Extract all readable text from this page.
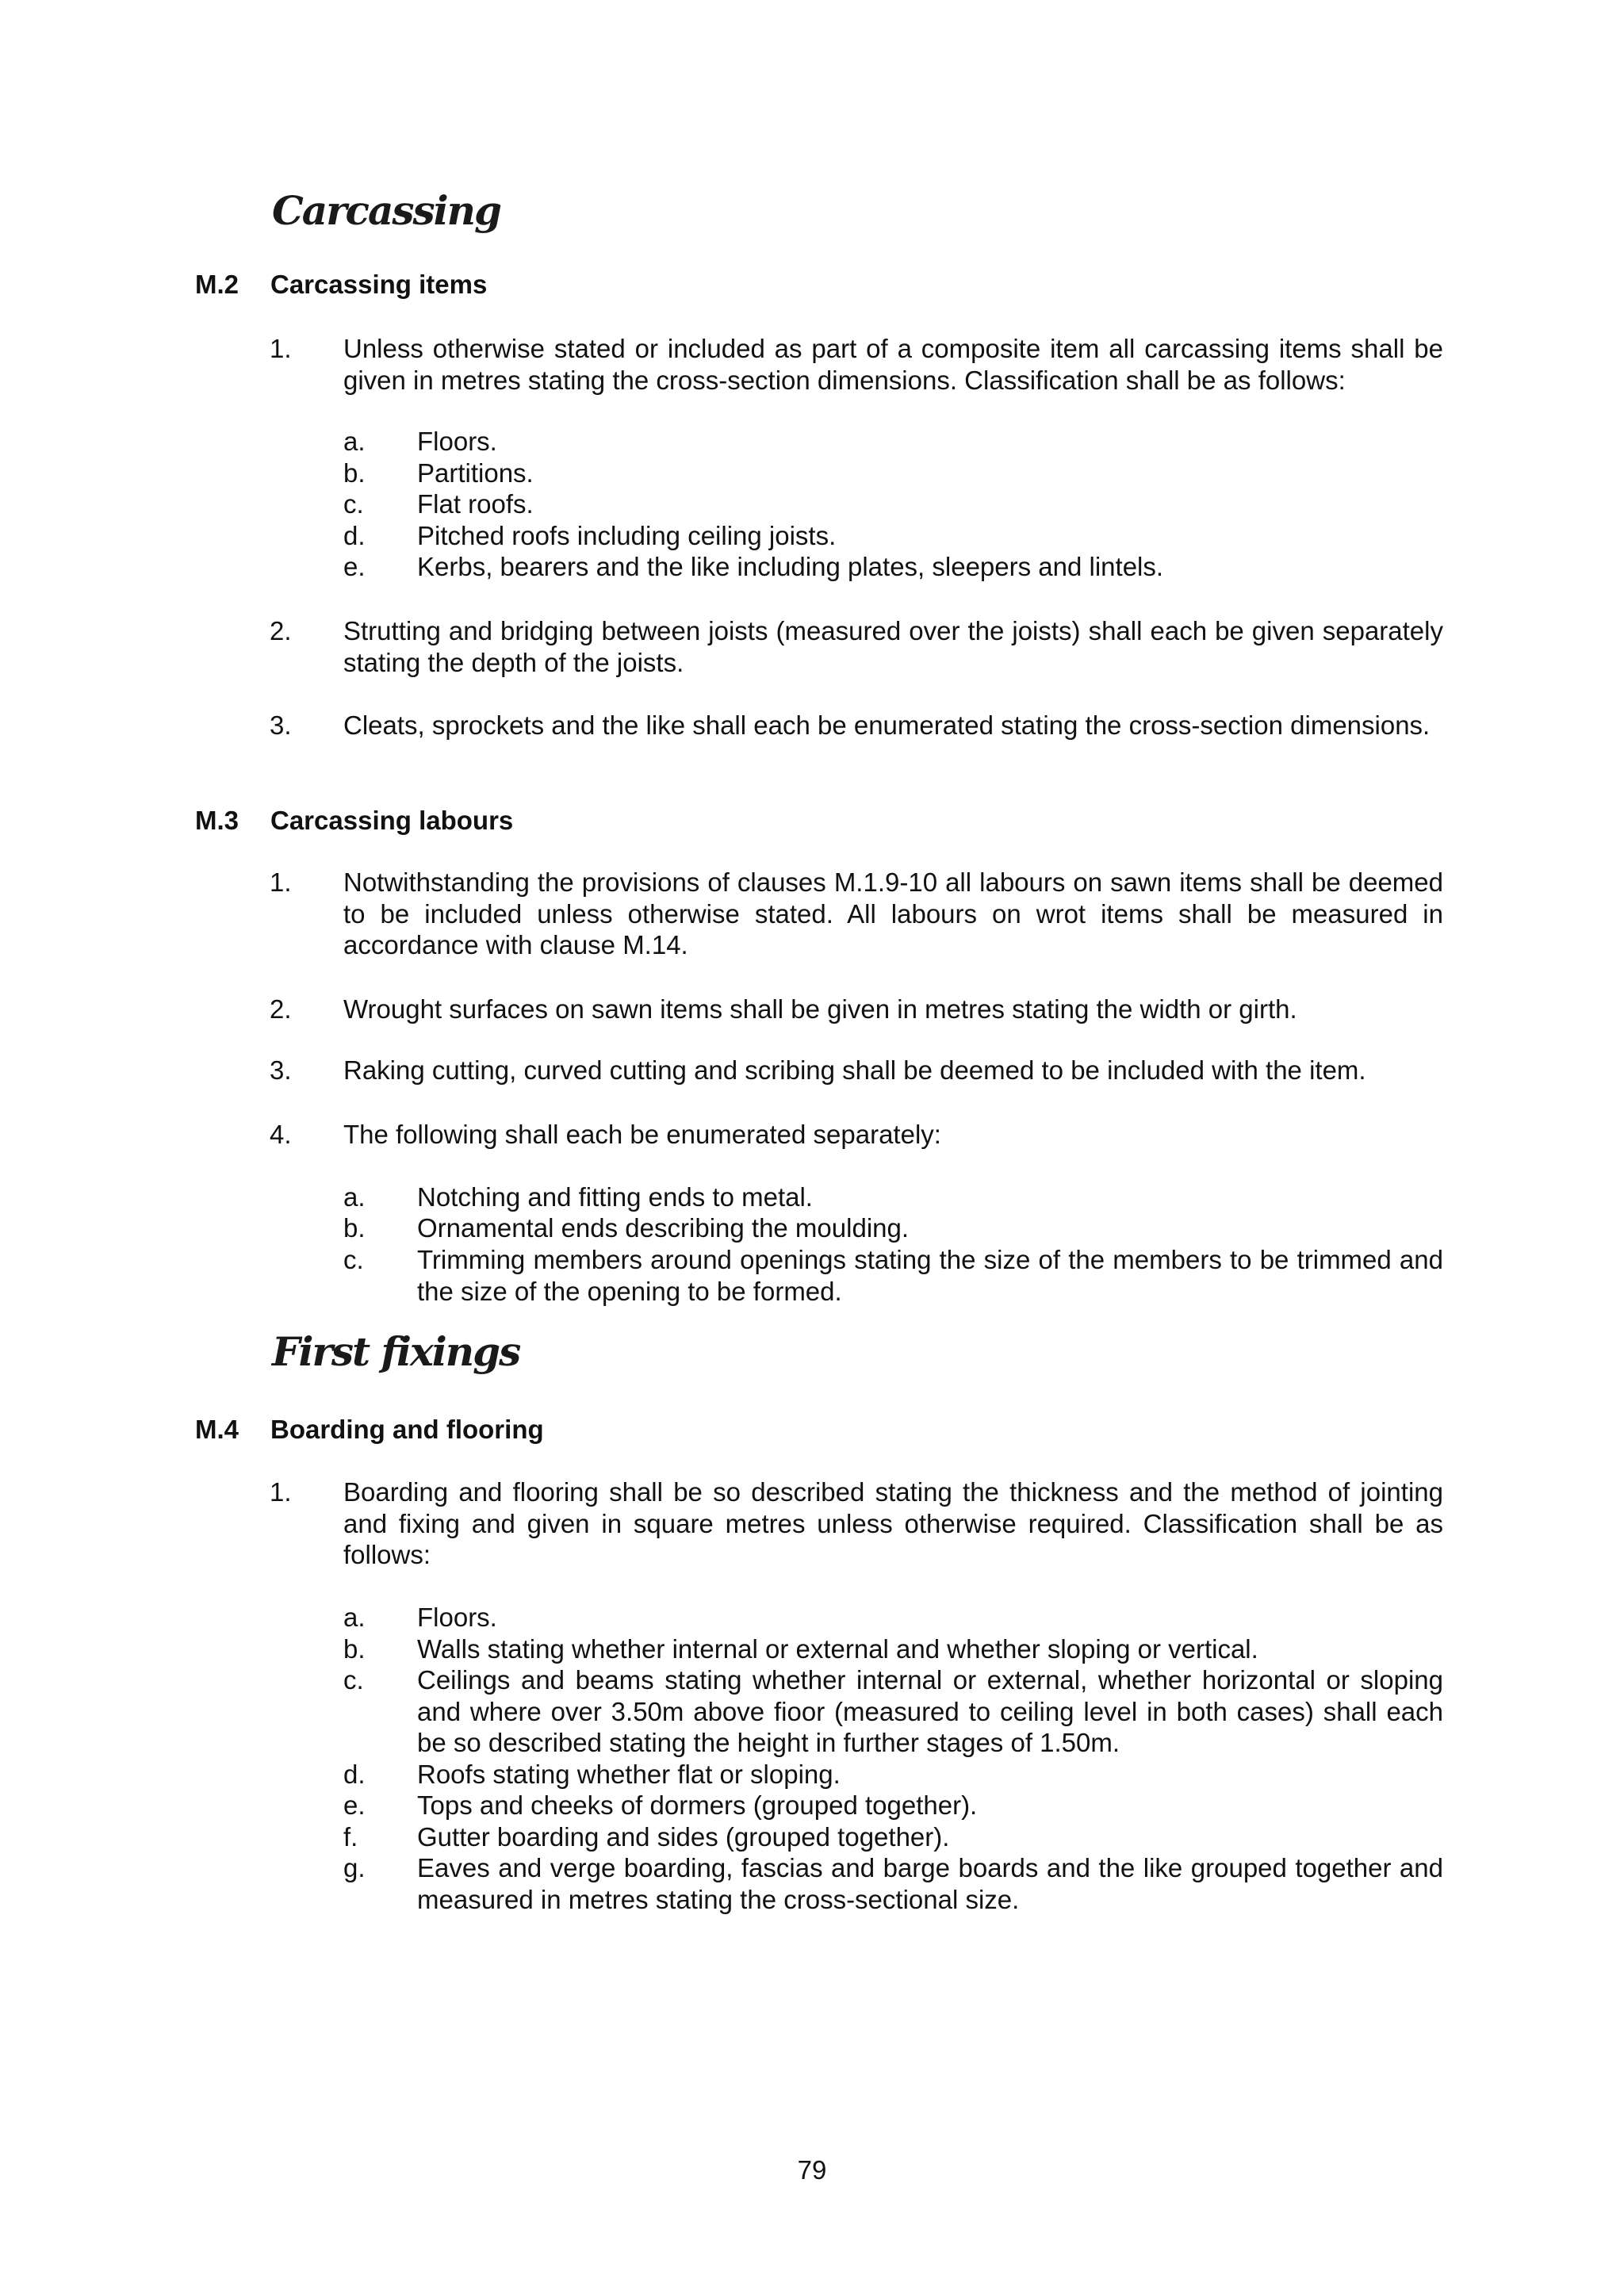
Carcassing
M.2 Carcassing items
1. Unless otherwise stated or included as part of a composite item all carcassing items shall be given in metres stating the cross-section dimensions. Classification shall be as follows:
a. Floors.
b. Partitions.
c. Flat roofs.
d. Pitched roofs including ceiling joists.
e. Kerbs, bearers and the like including plates, sleepers and lintels.
2. Strutting and bridging between joists (measured over the joists) shall each be given separately stating the depth of the joists.
3. Cleats, sprockets and the like shall each be enumerated stating the cross-section dimensions.
M.3 Carcassing labours
1. Notwithstanding the provisions of clauses M.1.9-10 all labours on sawn items shall be deemed to be included unless otherwise stated. All labours on wrot items shall be measured in accordance with clause M.14.
2. Wrought surfaces on sawn items shall be given in metres stating the width or girth.
3. Raking cutting, curved cutting and scribing shall be deemed to be included with the item.
4. The following shall each be enumerated separately:
a. Notching and fitting ends to metal.
b. Ornamental ends describing the moulding.
c. Trimming members around openings stating the size of the members to be trimmed and the size of the opening to be formed.
First fixings
M.4 Boarding and flooring
1. Boarding and flooring shall be so described stating the thickness and the method of jointing and fixing and given in square metres unless otherwise required. Classification shall be as follows:
a. Floors.
b. Walls stating whether internal or external and whether sloping or vertical.
c. Ceilings and beams stating whether internal or external, whether horizontal or sloping and where over 3.50m above fioor (measured to ceiling level in both cases) shall each be so described stating the height in further stages of 1.50m.
d. Roofs stating whether flat or sloping.
e. Tops and cheeks of dormers (grouped together).
f. Gutter boarding and sides (grouped together).
g. Eaves and verge boarding, fascias and barge boards and the like grouped together and measured in metres stating the cross-sectional size.
79
